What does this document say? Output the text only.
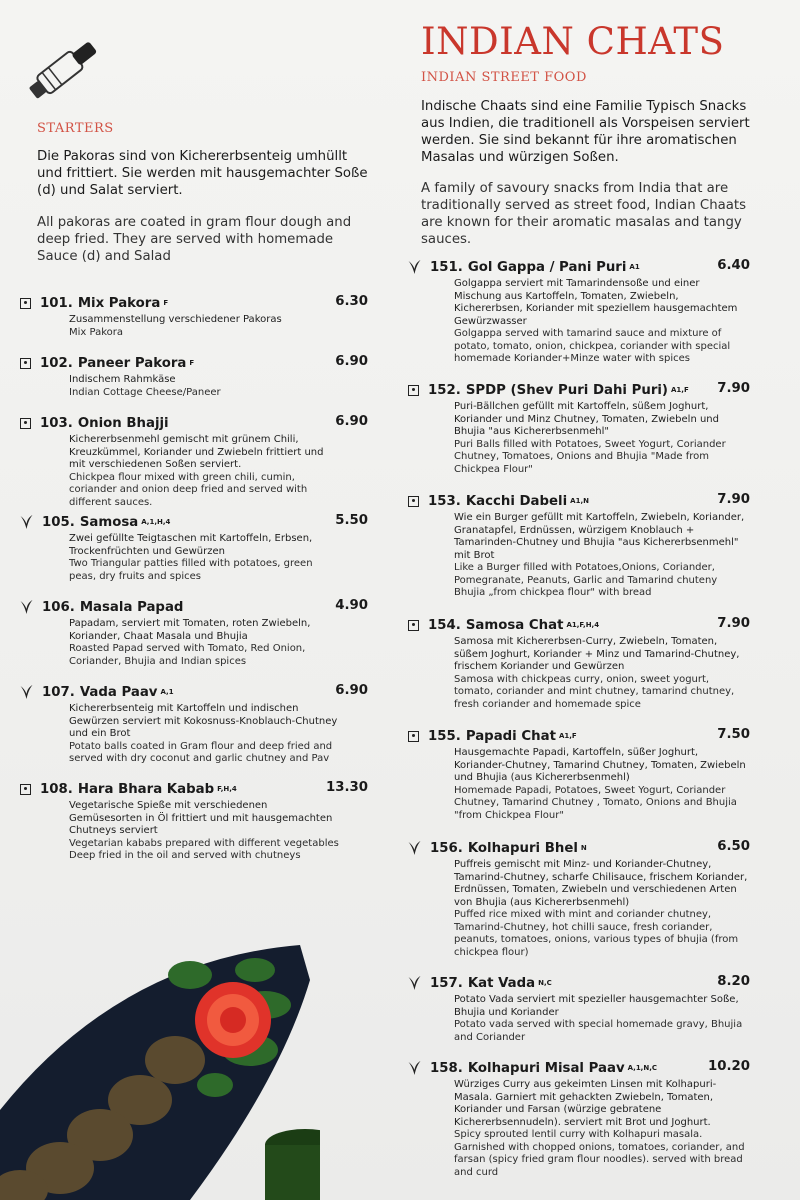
STARTERS
Die Pakoras sind von Kichererbsenteig umhüllt und frittiert. Sie werden mit hausgemachter Soße (d) und Salat serviert.
All pakoras are coated in gram flour dough and deep fried. They are served with homemade Sauce (d) and Salad
101. Mix Pakora F	6.30
Zusammenstellung verschiedener Pakoras
Mix Pakora
102. Paneer Pakora F	6.90
Indischem Rahmkäse
Indian Cottage Cheese/Paneer
103. Onion Bhajji	6.90
Kichererbsenmehl gemischt mit grünem Chili, Kreuzkümmel, Koriander und Zwiebeln frittiert und mit verschiedenen Soßen serviert.
Chickpea flour mixed with green chili, cumin, coriander and onion deep fried and served with different sauces.
105. Samosa A,1,H,4	5.50
Zwei gefüllte Teigtaschen mit Kartoffeln, Erbsen, Trockenfrüchten und Gewürzen
Two Triangular patties filled with potatoes, green peas, dry fruits and spices
106. Masala Papad	4.90
Papadam, serviert mit Tomaten, roten Zwiebeln, Koriander, Chaat Masala und Bhujia
Roasted Papad served with Tomato, Red Onion, Coriander, Bhujia and Indian spices
107. Vada Paav A,1	6.90
Kichererbsenteig mit Kartoffeln und indischen Gewürzen serviert mit Kokosnuss-Knoblauch-Chutney und ein Brot
Potato balls coated in Gram flour and deep fried and served with dry coconut and garlic chutney and Pav
108. Hara Bhara Kabab F,H,4	13.30
Vegetarische Spieße mit verschiedenen Gemüsesorten in Öl frittiert und mit hausgemachten Chutneys serviert
Vegetarian kababs prepared with different vegetables Deep fried in the oil and served with chutneys
INDIAN CHATS
INDIAN STREET FOOD
Indische Chaats sind eine Familie Typisch Snacks aus Indien, die traditionell als Vorspeisen serviert werden. Sie sind bekannt für ihre aromatischen Masalas und würzigen Soßen.
A family of savoury snacks from India that are traditionally served as street food, Indian Chaats are known for their aromatic masalas and tangy sauces.
151. Gol Gappa / Pani Puri A1	6.40
Golgappa serviert mit Tamarindensoße und einer Mischung aus Kartoffeln, Tomaten, Zwiebeln, Kichererbsen, Koriander mit speziellem hausgemachtem Gewürzwasser
Golgappa served with tamarind sauce and mixture of potato, tomato, onion, chickpea, coriander with special homemade Koriander+Minze water with spices
152. SPDP (Shev Puri Dahi Puri) A1,F 7.90
Puri-Bällchen gefüllt mit Kartoffeln, süßem Joghurt, Koriander und Minz Chutney, Tomaten, Zwiebeln und Bhujia "aus Kichererbsenmehl"
Puri Balls filled with Potatoes, Sweet Yogurt, Coriander Chutney, Tomatoes, Onions and Bhujia "Made from Chickpea Flour"
153. Kacchi Dabeli A1,N	7.90
Wie ein Burger gefüllt mit Kartoffeln, Zwiebeln, Koriander, Granatapfel, Erdnüssen, würzigem Knoblauch + Tamarinden-Chutney und Bhujia "aus Kichererbsenmehl" mit Brot
Like a Burger filled with Potatoes,Onions, Coriander, Pomegranate, Peanuts, Garlic and Tamarind chuteny Bhujia „from chickpea flour" with bread
154. Samosa Chat A1,F,H,4	7.90
Samosa mit Kichererbsen-Curry, Zwiebeln, Tomaten, süßem Joghurt, Koriander + Minz und Tamarind-Chutney, frischem Koriander und Gewürzen
Samosa with chickpeas curry, onion, sweet yogurt, tomato, coriander and mint chutney, tamarind chutney, fresh coriander and homemade spice
155. Papadi Chat A1,F	7.50
Hausgemachte Papadi, Kartoffeln, süßer Joghurt, Koriander-Chutney, Tamarind Chutney, Tomaten, Zwiebeln und Bhujia (aus Kichererbsenmehl)
Homemade Papadi, Potatoes, Sweet Yogurt, Coriander Chutney, Tamarind Chutney , Tomato, Onions and Bhujia "from Chickpea Flour"
156. Kolhapuri Bhel N	6.50
Puffreis gemischt mit Minz- und Koriander-Chutney, Tamarind-Chutney, scharfe Chilisauce, frischem Koriander, Erdnüssen, Tomaten, Zwiebeln und verschiedenen Arten von Bhujia (aus Kichererbsenmehl)
Puffed rice mixed with mint and coriander chutney, Tamarind-Chutney, hot chilli sauce, fresh coriander, peanuts, tomatoes, onions, various types of bhujia (from chickpea flour)
157. Kat Vada N,C	8.20
Potato Vada serviert mit spezieller hausgemachter Soße, Bhujia und Koriander
Potato vada served with special homemade gravy, Bhujia and Coriander
158. Kolhapuri Misal Paav A,1,N,C	10.20
Würziges Curry aus gekeimten Linsen mit Kolhapuri-Masala. Garniert mit gehackten Zwiebeln, Tomaten, Koriander und Farsan (würzige gebratene Kichererbsennudeln). serviert mit Brot und Joghurt.
Spicy sprouted lentil curry with Kolhapuri masala. Garnished with chopped onions, tomatoes, coriander, and farsan (spicy fried gram flour noodles). served with bread and curd
